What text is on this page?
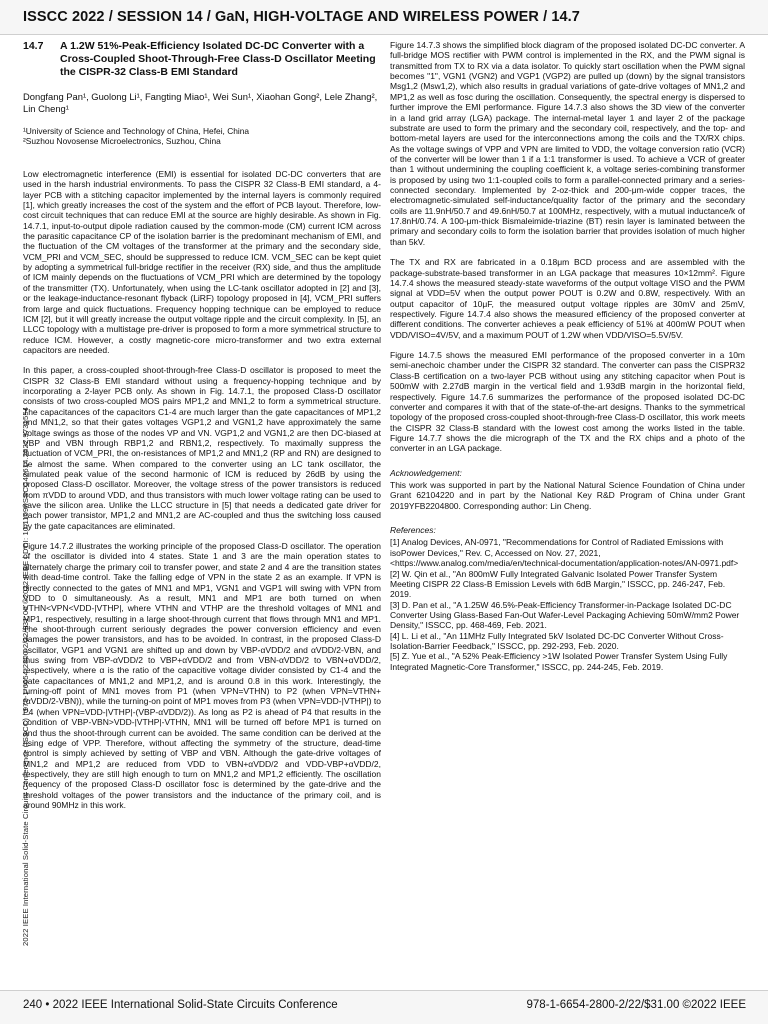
ISSCC 2022 / SESSION 14 / GaN, HIGH-VOLTAGE AND WIRELESS POWER / 14.7
14.7 A 1.2W 51%-Peak-Efficiency Isolated DC-DC Converter with a Cross-Coupled Shoot-Through-Free Class-D Oscillator Meeting the CISPR-32 Class-B EMI Standard
Dongfang Pan¹, Guolong Li¹, Fangting Miao¹, Wei Sun¹, Xiaohan Gong², Lele Zhang², Lin Cheng¹
¹University of Science and Technology of China, Hefei, China
²Suzhou Novosense Microelectronics, Suzhou, China

Low electromagnetic interference (EMI) is essential for isolated DC-DC converters that are used in the harsh industrial environments. To pass the CISPR 32 Class-B EMI standard, a 4-layer PCB with a stitching capacitor implemented by the internal layers is commonly required [1], which greatly increases the cost of the system and the effort of PCB layout. Therefore, low-cost circuit techniques that can reduce EMI at the source are highly desirable. As shown in Fig. 14.7.1, input-to-output dipole radiation caused by the common-mode (CM) current ICM across the parasitic capacitance CP of the isolation barrier is the predominant mechanism of EMI, and the fluctuation of the CM voltages of the transformer at the primary and the secondary side, VCM_PRI and VCM_SEC, should be suppressed to reduce ICM. VCM_SEC can be kept quiet by adopting a symmetrical full-bridge rectifier in the receiver (RX) side, and thus the amplitude of ICM mainly depends on the fluctuations of VCM_PRI which are determined by the topology of the transmitter (TX). Unfortunately, when using the LC-tank oscillator adopted in [2] and [3], or the leakage-inductance-resonant flyback (LiRF) topology proposed in [4], VCM_PRI suffers from large and quick fluctuations. Frequency hopping technique can be employed to reduce ICM [2], but it will greatly increase the output voltage ripple and the circuit complexity. In [5], an LLCC topology with a multistage pre-driver is proposed to form a more symmetrical structure to reduce ICM. However, a costly magnetic-core micro-transformer and two extra external capacitors are needed.

In this paper, a cross-coupled shoot-through-free Class-D oscillator is proposed to meet the CISPR 32 Class-B EMI standard without using a frequency-hopping technique and by incorporating a 2-layer PCB only. As shown in Fig. 14.7.1, the proposed Class-D oscillator consists of two cross-coupled MOS pairs MP1,2 and MN1,2 to form a symmetrical structure. The capacitances of the capacitors C1-4 are much larger than the gate capacitances of MP1,2 and MN1,2, so that their gates voltages VGP1,2 and VGN1,2 have approximately the same voltage swings as those of the nodes VP and VN. VGP1,2 and VGN1,2 are then DC-biased at VBP and VBN through RBP1,2 and RBN1,2, respectively. To maximally suppress the fluctuation of VCM_PRI, the on-resistances of MP1,2 and MN1,2 (RP and RN) are designed to be almost the same. When compared to the converter using an LC tank oscillator, the simulated peak value of the second harmonic of ICM is reduced by 26dB by using the proposed Class-D oscillator. Moreover, the voltage stress of the power transistors is reduced from πVDD to around VDD, and thus transistors with much lower voltage rating can be used to save the silicon area. Unlike the LLCC structure in [5] that needs a dedicated gate driver for each power transistor, MP1,2 and MN1,2 are AC-coupled and thus the switching loss caused by the gate capacitances are eliminated.

Figure 14.7.2 illustrates the working principle of the proposed Class-D oscillator. The operation of the oscillator is divided into 4 states. State 1 and 3 are the main operation states to alternately charge the primary coil to transfer power, and state 2 and 4 are the transition states with dead-time control. Take the falling edge of VPN in the state 2 as an example. If VPN is directly connected to the gates of MN1 and MP1, VGN1 and VGP1 will swing with VPN from VDD to 0 simultaneously. As a result, MN1 and MP1 are both turned on when VTHN<VPN<VDD-|VTHP|, where VTHN and VTHP are the threshold voltages of MN1 and MP1, respectively, resulting in a large shoot-through current that flows through MN1 and MP1. The shoot-through current seriously degrades the power conversion efficiency and even damages the power transistors, and has to be avoided. In contrast, in the proposed Class-D oscillator, VGP1 and VGN1 are shifted up and down by VBP-αVDD/2 and αVDD/2-VBN, and thus swing from VBP-αVDD/2 to VBP+αVDD/2 and from VBN-αVDD/2 to VBN+αVDD/2, respectively, where α is the ratio of the capacitive voltage divider consisted by C1-4 and the gate capacitances of MN1,2 and MP1,2, and is around 0.8 in this work. Interestingly, the turning-off point of MN1 moves from P1 (when VPN=VTHN) to P2 (when VPN=VTHN+(αVDD/2-VBN)), while the turning-on point of MP1 moves from P3 (when VPN=VDD-|VTHP|) to P4 (when VPN=VDD-|VTHP|-(VBP-αVDD/2)). As long as P2 is ahead of P4 that results in the condition of VBP-VBN>VDD-|VTHP|-VTHN, MN1 will be turned off before MP1 is turned on and thus the shoot-through current can be avoided. The same condition can be derived at the rising edge of VPP. Therefore, without affecting the symmetry of the structure, dead-time control is simply achieved by setting of VBP and VBN. Although the gate-drive voltages of MN1,2 and MP1,2 are reduced from VDD to VBN+αVDD/2 and VDD-VBP+αVDD/2, respectively, they are still high enough to turn on MN1,2 and MP1,2 efficiently. The oscillation frequency of the proposed Class-D oscillator fosc is determined by the gate-drive and the threshold voltages of the power transistors and the inductance of the primary coil, and is around 90MHz in this work.

Figure 14.7.3 shows the simplified block diagram of the proposed isolated DC-DC converter. A full-bridge MOS rectifier with PWM control is implemented in the RX, and the PWM signal is transmitted from TX to RX via a data isolator. To quickly start oscillation when the PWM signal becomes "1", VGN1 (VGN2) and VGP1 (VGP2) are pulled up (down) by the signal transistors Msg1,2 (Msw1,2), which also results in gradual variations of gate-drive voltages of MN1,2 and MP1,2 as well as fosc during the oscillation. Consequently, the spectral energy is dispersed to further improve the EMI performance. Figure 14.7.3 also shows the 3D view of the converter in a land grid array (LGA) package. The internal-metal layer 1 and layer 2 of the package substrate are used to form the primary and the secondary coil, respectively, and the top- and bottom-metal layers are used for the interconnections among the coils and the TX/RX chips. As the voltage swings of VPP and VPN are limited to VDD, the voltage conversion ratio (VCR) of the converter will be lower than 1 if a 1:1 transformer is used. To achieve a VCR of greater than 1 without undermining the coupling coefficient k, a voltage series-combining transformer is proposed by using two 1:1-coupled coils to form a parallel-connected primary and a series-connected secondary. Implemented by 2-oz-thick and 200-μm-wide copper traces, the electromagnetic-simulated self-inductance/quality factor of the primary and the secondary coils are 11.9nH/50.7 and 49.6nH/50.7 at 100MHz, respectively, with a mutual inductance/k of 17.8nH/0.74. A 100-μm-thick Bismaleimide-triazine (BT) resin layer is laminated between the primary and secondary coils to form the isolation barrier that provides isolation of much higher than 5kV.

The TX and RX are fabricated in a 0.18μm BCD process and are assembled with the package-substrate-based transformer in an LGA package that measures 10×12mm². Figure 14.7.4 shows the measured steady-state waveforms of the output voltage VISO and the PWM signal at VDD=5V when the output power POUT is 0.2W and 0.8W, respectively. With an output capacitor of 10μF, the measured output voltage ripples are 30mV and 25mV, respectively. Figure 14.7.4 also shows the measured efficiency of the proposed converter at different conditions. The converter achieves a peak efficiency of 51% at 400mW POUT when VDD/VISO=4V/5V, and a maximum POUT of 1.2W when VDD/VISO=5.5V/5V.

Figure 14.7.5 shows the measured EMI performance of the proposed converter in a 10m semi-anechoic chamber under the CISPR 32 standard. The converter can pass the CISPR32 Class-B certification on a two-layer PCB without using any stitching capacitor when Pout is 500mW with 2.27dB margin in the vertical field and 1.93dB margin in the horizontal field, respectively. Figure 14.7.6 summarizes the performance of the proposed isolated DC-DC converter and compares it with that of the state-of-the-art designs. Thanks to the symmetrical topology of the proposed cross-coupled shoot-through-free Class-D oscillator, this work meets the CISPR 32 Class-B standard with the lowest cost among the works listed in the table. Figure 14.7.7 shows the die micrograph of the TX and the RX chips and a photo of the converter in an LGA package.

Acknowledgement:

This work was supported in part by the National Natural Science Foundation of China under Grant 62104220 and in part by the National Key R&D Program of China under Grant 2019YFB2204800. Corresponding author: Lin Cheng.

References:
[1] Analog Devices, AN-0971, "Recommendations for Control of Radiated Emissions with isoPower Devices," Rev. C, Accessed on Nov. 27, 2021, <https://www.analog.com/media/en/technical-documentation/application-notes/AN-0971.pdf>
[2] W. Qin et al., "An 800mW Fully Integrated Galvanic Isolated Power Transfer System Meeting CISPR 22 Class-B Emission Levels with 6dB Margin," ISSCC, pp. 246-247, Feb. 2019.
[3] D. Pan et al., "A 1.25W 46.5%-Peak-Efficiency Transformer-in-Package Isolated DC-DC Converter Using Glass-Based Fan-Out Wafer-Level Packaging Achieving 50mW/mm2 Power Density," ISSCC, pp. 468-469, Feb. 2021.
[4] L. Li et al., "An 11MHz Fully Integrated 5kV Isolated DC-DC Converter Without Cross-Isolation-Barrier Feedback," ISSCC, pp. 292-293, Feb. 2020.
[5] Z. Yue et al., "A 52% Peak-Efficiency >1W Isolated Power Transfer System Using Fully Integrated Magnetic-Core Transformer," ISSCC, pp. 244-245, Feb. 2019.
2022 IEEE International Solid-State Circuits Conference (ISSCC) | 978-1-6654-2800-2/22/$31.00 ©2022 IEEE | DOI: 10.1109/ISSCC42614.2022.9731554
240 • 2022 IEEE International Solid-State Circuits Conference	978-1-6654-2800-2/22/$31.00 ©2022 IEEE
